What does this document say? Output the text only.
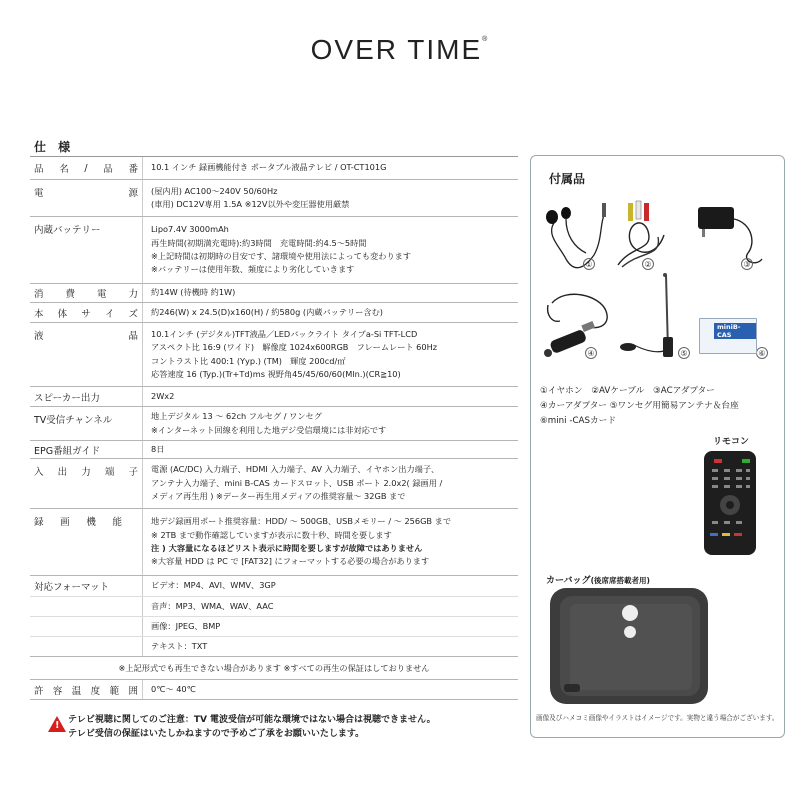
OVER TIME®
仕 様
品 名 / 品 番 10.1 インチ 録画機能付き ポータブル液晶テレビ / OT-CT101G
電	源 (屋内用) AC100〜240V 50/60Hz
(車用) DC12V専用 1.5A ※12V以外や変圧器使用厳禁
内蔵バッテリー	Lipo7.4V 3000mAh
再生時間(初期満充電時):約3時間　充電時間:約4.5〜5時間
※上記時間は初期時の目安です、諸環境や使用法によっても変わります
※バッテリーは使用年数、頻度により劣化していきます
消 費 電 力 約14W (待機時 約1W)
本 体 サ イ ズ 約246(W) x 24.5(D)x160(H) / 約580g (内蔵バッテリー含む)
液	晶 10.1インチ (デジタル)TFT液晶／LEDバックライト タイプa-Si TFT-LCD
アスペクト比 16:9 (ワイド)　解像度 1024x600RGB　フレームレート 60Hz
コントラスト比 400:1 (Yyp.) (TM)　輝度 200cd/㎡
応答速度 16 (Typ.)(Tr+Td)ms 視野角45/45/60/60(Mln.)(CR≧10)
スピーカー出力	2Wx2
TV受信チャンネル	地上デジタル 13 〜 62ch フルセグ / ワンセグ
※インターネット回線を利用した地デジ受信環境には非対応です
EPG番組ガイド	8日
入 出 力 端 子 電源 (AC/DC) 入力端子、HDMI 入力端子、AV 入力端子、イヤホン出力端子、
アンテナ入力端子、mini B-CAS カードスロット、USB ポート 2.0x2( 録画用 /
メディア再生用 ) ※データー再生用メディアの推奨容量〜 32GB まで
録 画 機 能	地デジ録画用ポート推奨容量：HDD/ 〜 500GB、USBメモリー / 〜 256GB まで
※ 2TB まで動作確認していますが表示に数十秒、時間を要します
注 ) 大容量になるほどリスト表示に時間を要しますが故障ではありません
※大容量 HDD は PC で [FAT32] にフォーマットする必要の場合があります
対応フォーマット	ビデオ：MP4、AVI、WMV、3GP
音声：MP3、WMA、WAV、AAC
画像：JPEG、BMP
テキスト：TXT
※上記形式でも再生できない場合があります ※すべての再生の保証はしておりません
許 容 温 度 範 囲 0℃〜 40℃
! テレビ視聴に関してのご注意：TV 電波受信が可能な環境ではない場合は視聴できません。
テレビ受信の保証はいたしかねますので予めご了承をお願いいたします。
付属品
①	②	③
④	⑤	⑥
miniB-CAS
①イヤホン　②AVケーブル　③ACアダプター
④カーアダプター ⑤ワンセグ用簡易アンテナ＆台座
⑥mini -CASカード
リモコン
カーバッグ(後席席搭載者用)
画像及びハメコミ画像やイラストはイメージです。実物と違う場合がございます。
